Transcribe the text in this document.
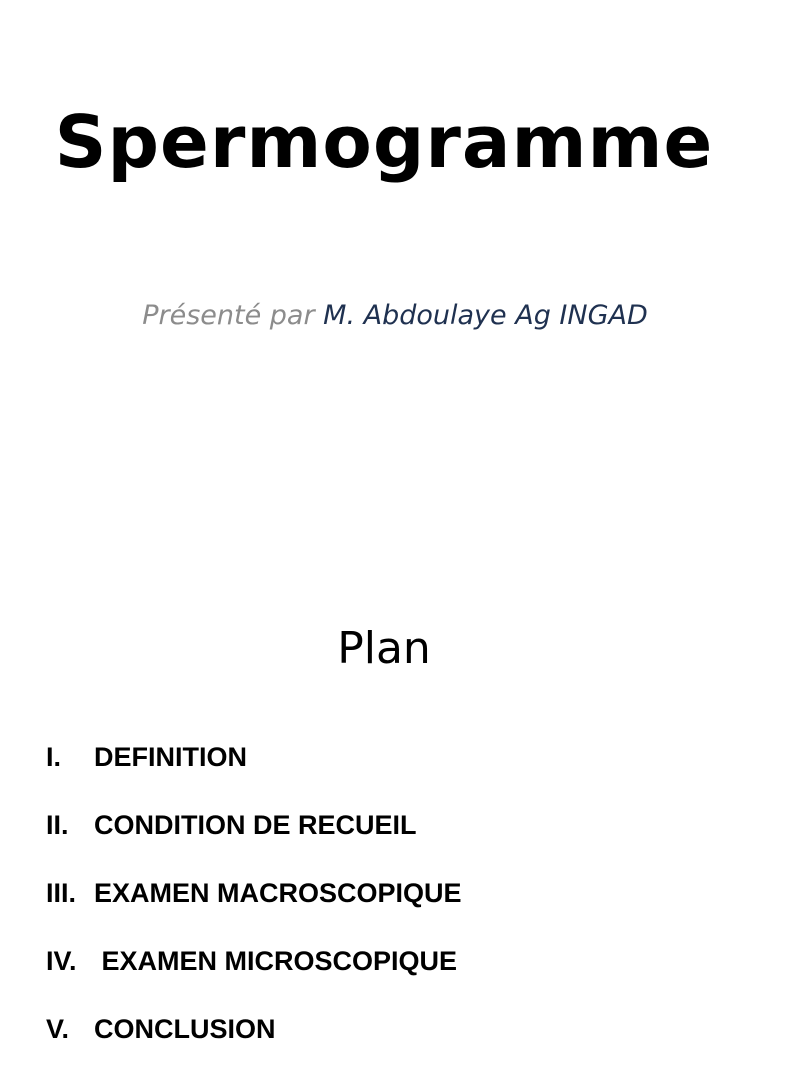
Spermogramme
Présenté par M. Abdoulaye Ag INGAD
Plan
I. DEFINITION
II. CONDITION DE RECUEIL
III. EXAMEN MACROSCOPIQUE
IV. EXAMEN MICROSCOPIQUE
V. CONCLUSION
